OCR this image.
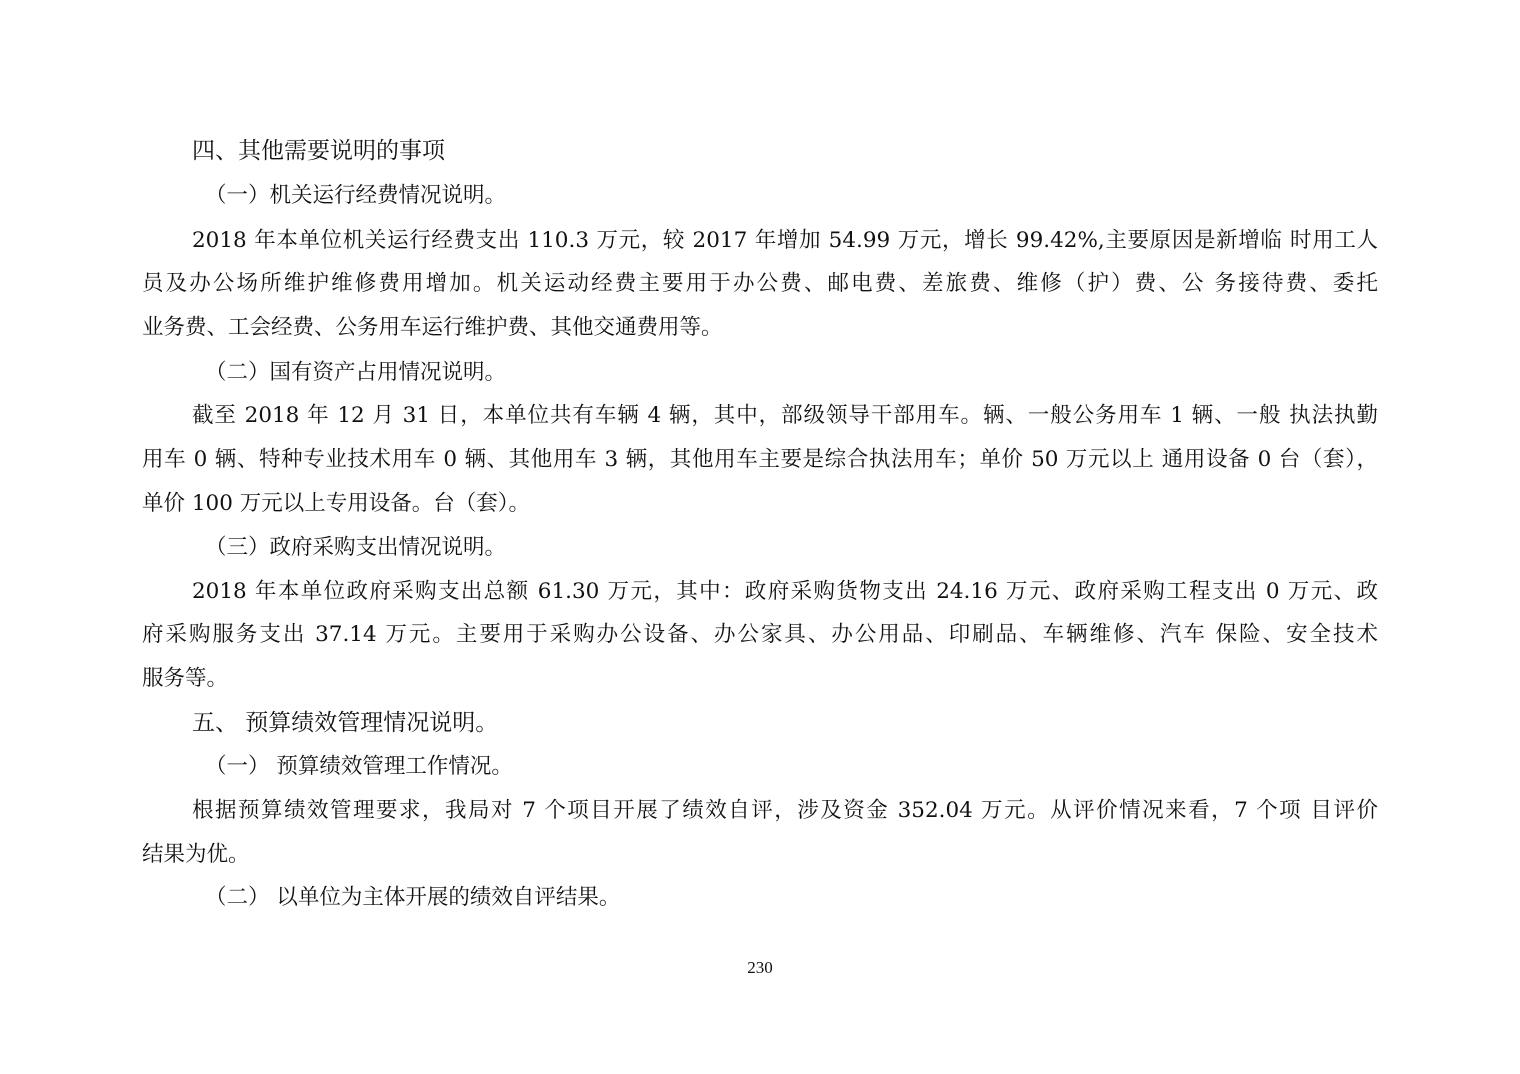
四、其他需要说明的事项
（一）机关运行经费情况说明。
2018 年本单位机关运行经费支出 110.3 万元，较 2017 年增加 54.99 万元，增长 99.42%,主要原因是新增临 时用工人
员及办公场所维护维修费用增加。机关运动经费主要用于办公费、邮电费、差旅费、维修（护）费、公 务接待费、委托
业务费、工会经费、公务用车运行维护费、其他交通费用等。
（二）国有资产占用情况说明。
截至 2018 年 12 月 31 日，本单位共有车辆 4 辆，其中，部级领导干部用车。辆、一般公务用车 1 辆、一般 执法执勤
用车 0 辆、特种专业技术用车 0 辆、其他用车 3 辆，其他用车主要是综合执法用车；单价 50 万元以上 通用设备 0 台（套），
单价 100 万元以上专用设备。台（套）。
（三）政府采购支出情况说明。
2018 年本单位政府采购支出总额 61.30 万元，其中：政府采购货物支出 24.16 万元、政府采购工程支出 0 万元、政
府采购服务支出 37.14 万元。主要用于采购办公设备、办公家具、办公用品、印刷品、车辆维修、汽车 保险、安全技术
服务等。
五、 预算绩效管理情况说明。
（一） 预算绩效管理工作情况。
根据预算绩效管理要求，我局对 7 个项目开展了绩效自评，涉及资金 352.04 万元。从评价情况来看，7 个项 目评价
结果为优。
（二） 以单位为主体开展的绩效自评结果。
230
